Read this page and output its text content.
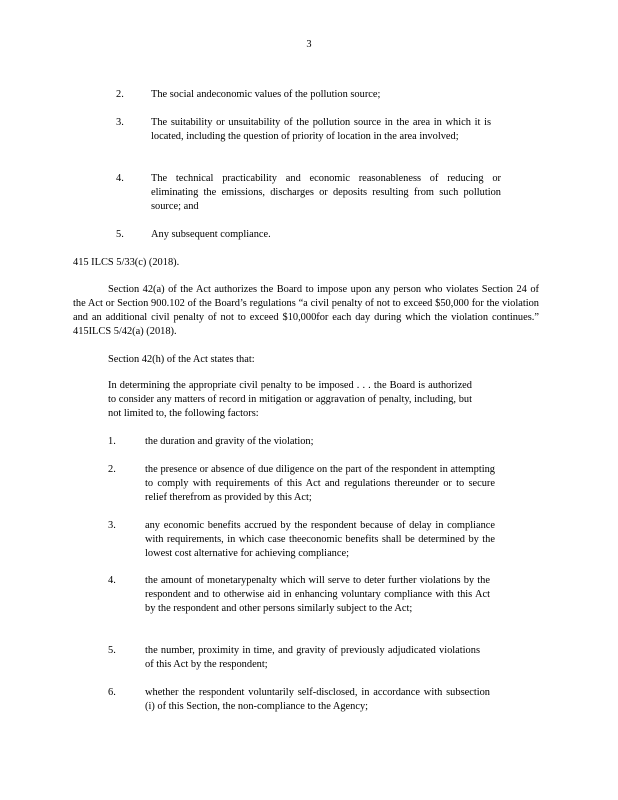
3
2.	The social andeconomic values of the pollution source;
3.	The suitability or unsuitability of the pollution source in the area in which it is located, including the question of priority of location in the area involved;
4.	The technical practicability and economic reasonableness of reducing or eliminating the emissions, discharges or deposits resulting from such pollution source; and
5.	Any subsequent compliance.
415 ILCS 5/33(c) (2018).
Section 42(a) of the Act authorizes the Board to impose upon any person who violates Section 24 of the Act or Section 900.102 of the Board’s regulations “a civil penalty of not to exceed $50,000 for the violation and an additional civil penalty of not to exceed $10,000for each day during which the violation continues.” 415ILCS 5/42(a) (2018).
Section 42(h) of the Act states that:
In determining the appropriate civil penalty to be imposed . . . the Board is authorized to consider any matters of record in mitigation or aggravation of penalty, including, but not limited to, the following factors:
1.	the duration and gravity of the violation;
2.	the presence or absence of due diligence on the part of the respondent in attempting to comply with requirements of this Act and regulations thereunder or to secure relief therefrom as provided by this Act;
3.	any economic benefits accrued by the respondent because of delay in compliance with requirements, in which case theeconomic benefits shall be determined by the lowest cost alternative for achieving compliance;
4.	the amount of monetarypenalty which will serve to deter further violations by the respondent and to otherwise aid in enhancing voluntary compliance with this Act by the respondent and other persons similarly subject to the Act;
5.	the number, proximity in time, and gravity of previously adjudicated violations of this Act by the respondent;
6.	whether the respondent voluntarily self-disclosed, in accordance with subsection (i) of this Section, the non-compliance to the Agency;
